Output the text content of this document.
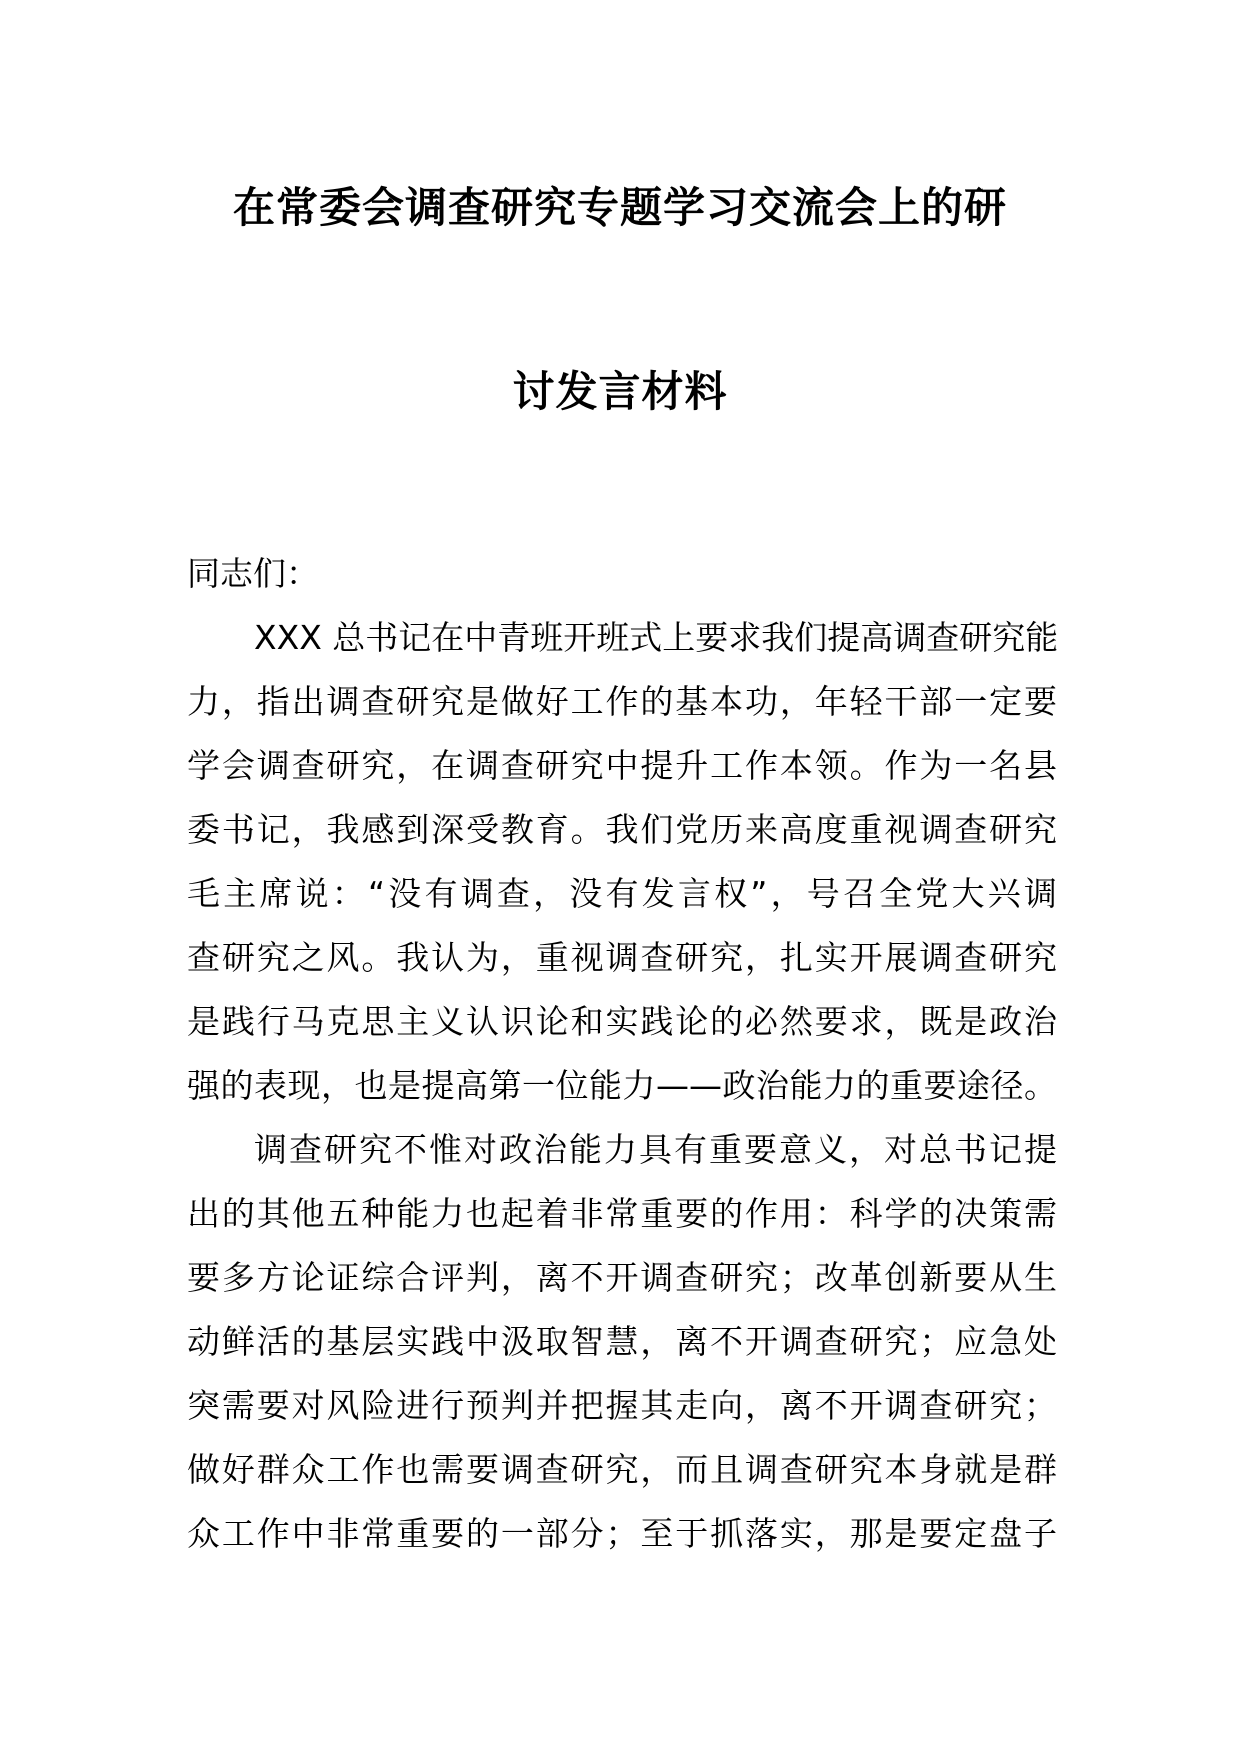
在常委会调查研究专题学习交流会上的研
讨发言材料
同志们：
XXX 总书记在中青班开班式上要求我们提高调查研究能
力，指出调查研究是做好工作的基本功，年轻干部一定要
学会调查研究，在调查研究中提升工作本领。作为一名县
委书记，我感到深受教育。我们党历来高度重视调查研究
毛主席说：“没有调查，没有发言权”，号召全党大兴调
查研究之风。我认为，重视调查研究，扎实开展调查研究
是践行马克思主义认识论和实践论的必然要求，既是政治
强的表现，也是提高第一位能力——政治能力的重要途径。
调查研究不惟对政治能力具有重要意义，对总书记提
出的其他五种能力也起着非常重要的作用：科学的决策需
要多方论证综合评判，离不开调查研究；改革创新要从生
动鲜活的基层实践中汲取智慧，离不开调查研究；应急处
突需要对风险进行预判并把握其走向，离不开调查研究；
做好群众工作也需要调查研究，而且调查研究本身就是群
众工作中非常重要的一部分；至于抓落实，那是要定盘子
